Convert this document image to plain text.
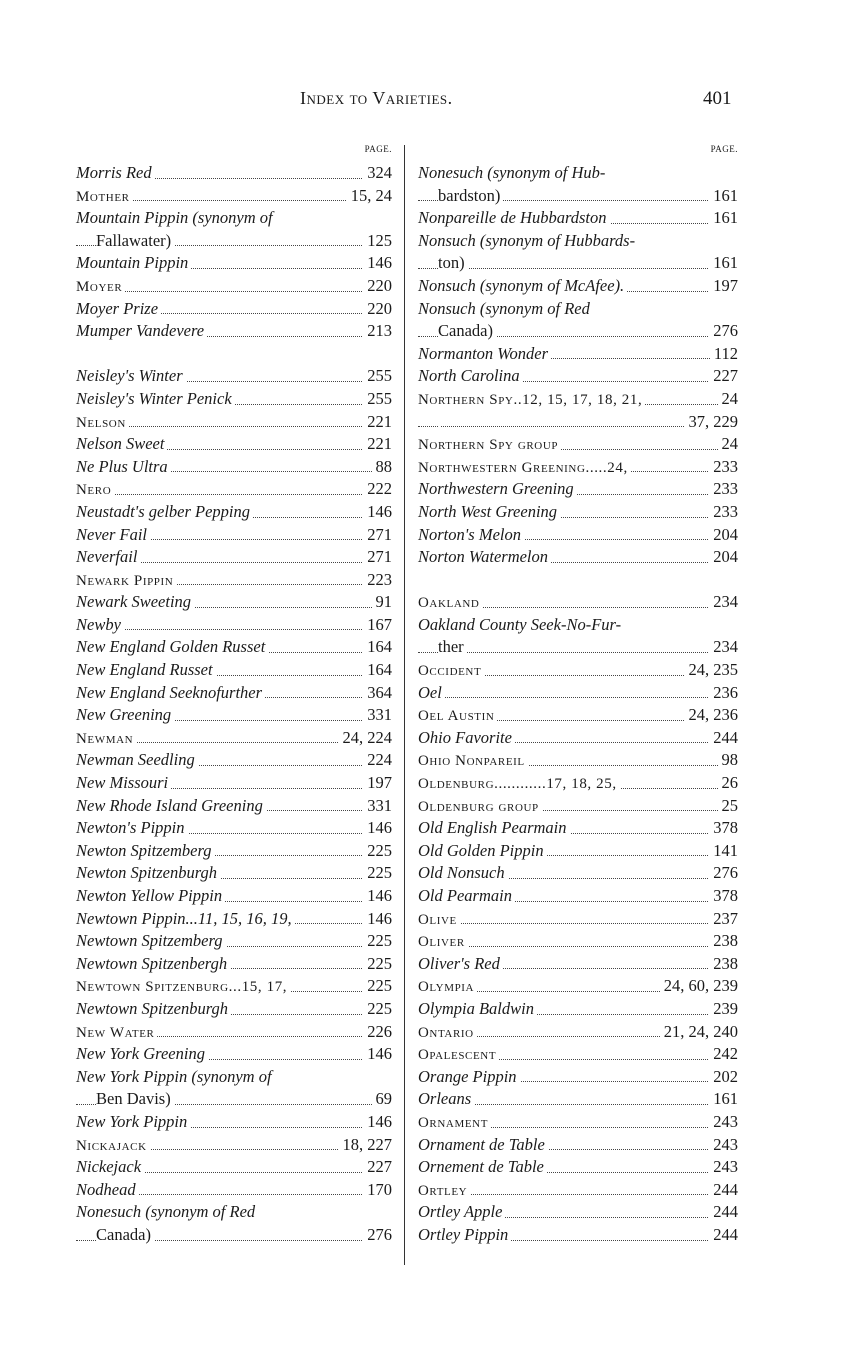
Index to Varieties.	401
PAGE.
Morris Red	324
Mother	15, 24
Mountain Pippin (synonym of
Fallawater)	125
Mountain Pippin	146
Moyer	220
Moyer Prize	220
Mumper Vandevere	213
Neisley's Winter	255
Neisley's Winter Penick	255
Nelson	221
Nelson Sweet	221
Ne Plus Ultra	88
Nero	222
Neustadt's gelber Pepping	146
Never Fail	271
Neverfail	271
Newark Pippin	223
Newark Sweeting	91
Newby	167
New England Golden Russet	164
New England Russet	164
New England Seeknofurther	364
New Greening	331
Newman	24, 224
Newman Seedling	224
New Missouri	197
New Rhode Island Greening	331
Newton's Pippin	146
Newton Spitzemberg	225
Newton Spitzenburgh	225
Newton Yellow Pippin	146
Newtown Pippin...11, 15, 16, 19,	146
Newtown Spitzemberg	225
Newtown Spitzenbergh	225
Newtown Spitzenburg...15, 17,	225
Newtown Spitzenburgh	225
New Water	226
New York Greening	146
New York Pippin (synonym of
Ben Davis)	69
New York Pippin	146
Nickajack	18, 227
Nickejack	227
Nodhead	170
Nonesuch (synonym of Red
Canada)	276
PAGE.
Nonesuch (synonym of Hub-
bardston)	161
Nonpareille de Hubbardston	161
Nonsuch (synonym of Hubbards-
ton)	161
Nonsuch (synonym of McAfee).	197
Nonsuch (synonym of Red
Canada)	276
Normanton Wonder	112
North Carolina	227
Northern Spy..12, 15, 17, 18, 21,	24
37, 229
Northern Spy group	24
Northwestern Greening.....24,	233
Northwestern Greening	233
North West Greening	233
Norton's Melon	204
Norton Watermelon	204
Oakland	234
Oakland County Seek-No-Fur-
ther	234
Occident	24, 235
Oel	236
Oel Austin	24, 236
Ohio Favorite	244
Ohio Nonpareil	98
Oldenburg............17, 18, 25,	26
Oldenburg group	25
Old English Pearmain	378
Old Golden Pippin	141
Old Nonsuch	276
Old Pearmain	378
Olive	237
Oliver	238
Oliver's Red	238
Olympia	24, 60, 239
Olympia Baldwin	239
Ontario	21, 24, 240
Opalescent	242
Orange Pippin	202
Orleans	161
Ornament	243
Ornament de Table	243
Ornement de Table	243
Ortley	244
Ortley Apple	244
Ortley Pippin	244
